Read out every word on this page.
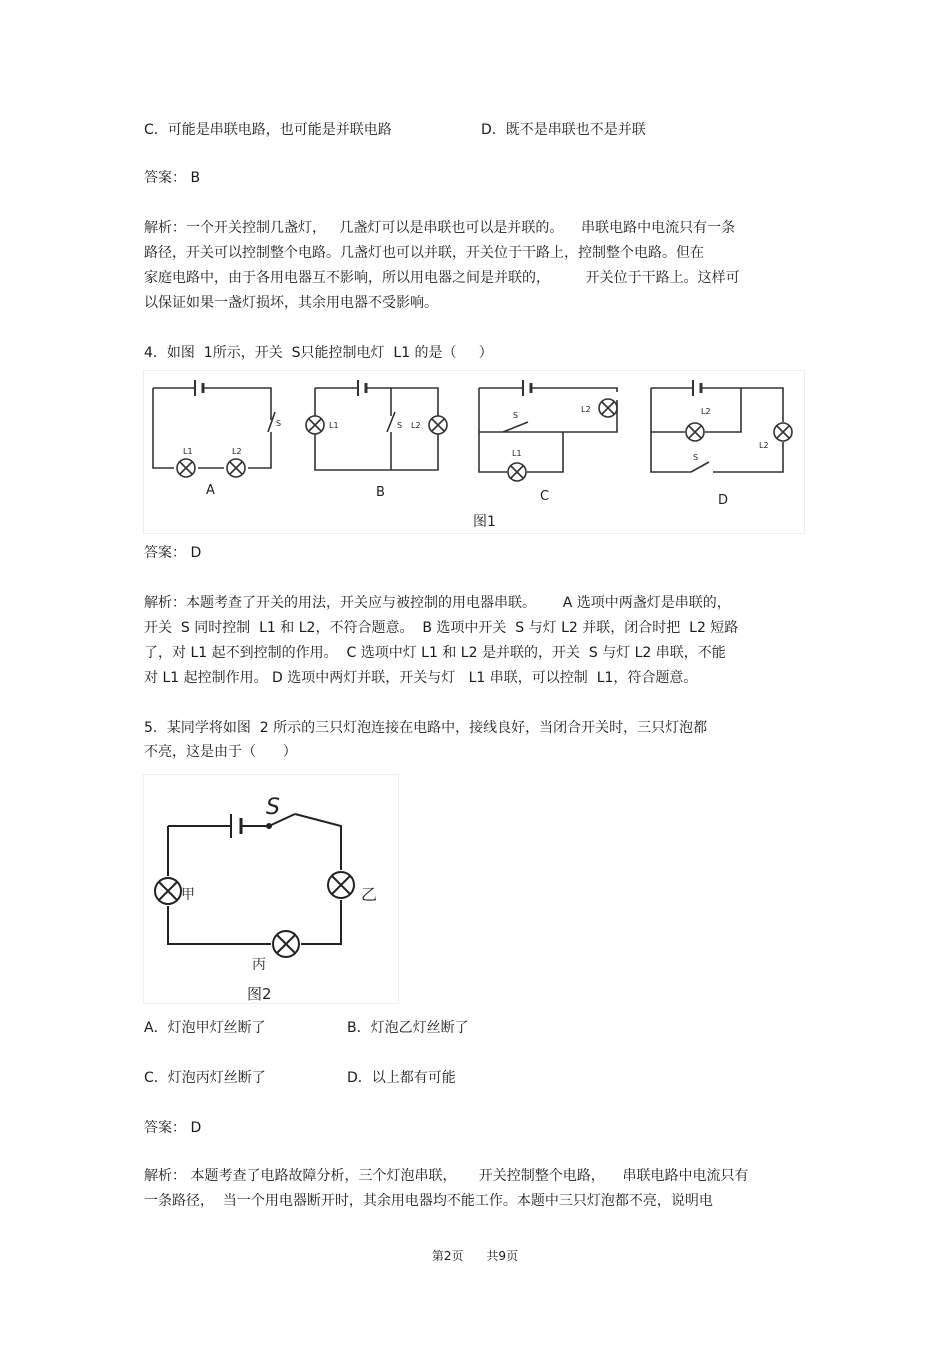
C．可能是串联电路，也可能是并联电路	D．既不是串联也不是并联
答案： B
解析：一个开关控制几盏灯，   几盏灯可以是串联也可以是并联的。    串联电路中电流只有一条
路径，开关可以控制整个电路。几盏灯也可以并联，开关位于干路上，控制整个电路。但在
家庭电路中，由于各用电器互不影响，所以用电器之间是并联的，        开关位于干路上。这样可
以保证如果一盏灯损坏，其余用电器不受影响。
4．如图  1所示，开关  S只能控制电灯  L1 的是（     ）
L1	L2
S	L1	S L2
S
L2
L1
L2
L2
S
A	B	C	D
图1
答案： D
解析：本题考查了开关的用法，开关应与被控制的用电器串联。      A 选项中两盏灯是串联的，
开关  S 同时控制  L1 和 L2，不符合题意。  B 选项中开关  S 与灯 L2 并联，闭合时把  L2 短路
了，对 L1 起不到控制的作用。  C 选项中灯 L1 和 L2 是并联的，开关  S 与灯 L2 串联，不能
对 L1 起控制作用。 D 选项中两灯并联，开关与灯   L1 串联，可以控制  L1，符合题意。
5．某同学将如图  2 所示的三只灯泡连接在电路中，接线良好，当闭合开关时，三只灯泡都
不亮，这是由于（      ）
S
甲	乙
丙
图2
A．灯泡甲灯丝断了	B．灯泡乙灯丝断了
C．灯泡丙灯丝断了	D．以上都有可能
答案： D
解析： 本题考查了电路故障分析，三个灯泡串联，     开关控制整个电路，    串联电路中电流只有
一条路径，  当一个用电器断开时，其余用电器均不能工作。本题中三只灯泡都不亮，说明电
第2页      共9页
